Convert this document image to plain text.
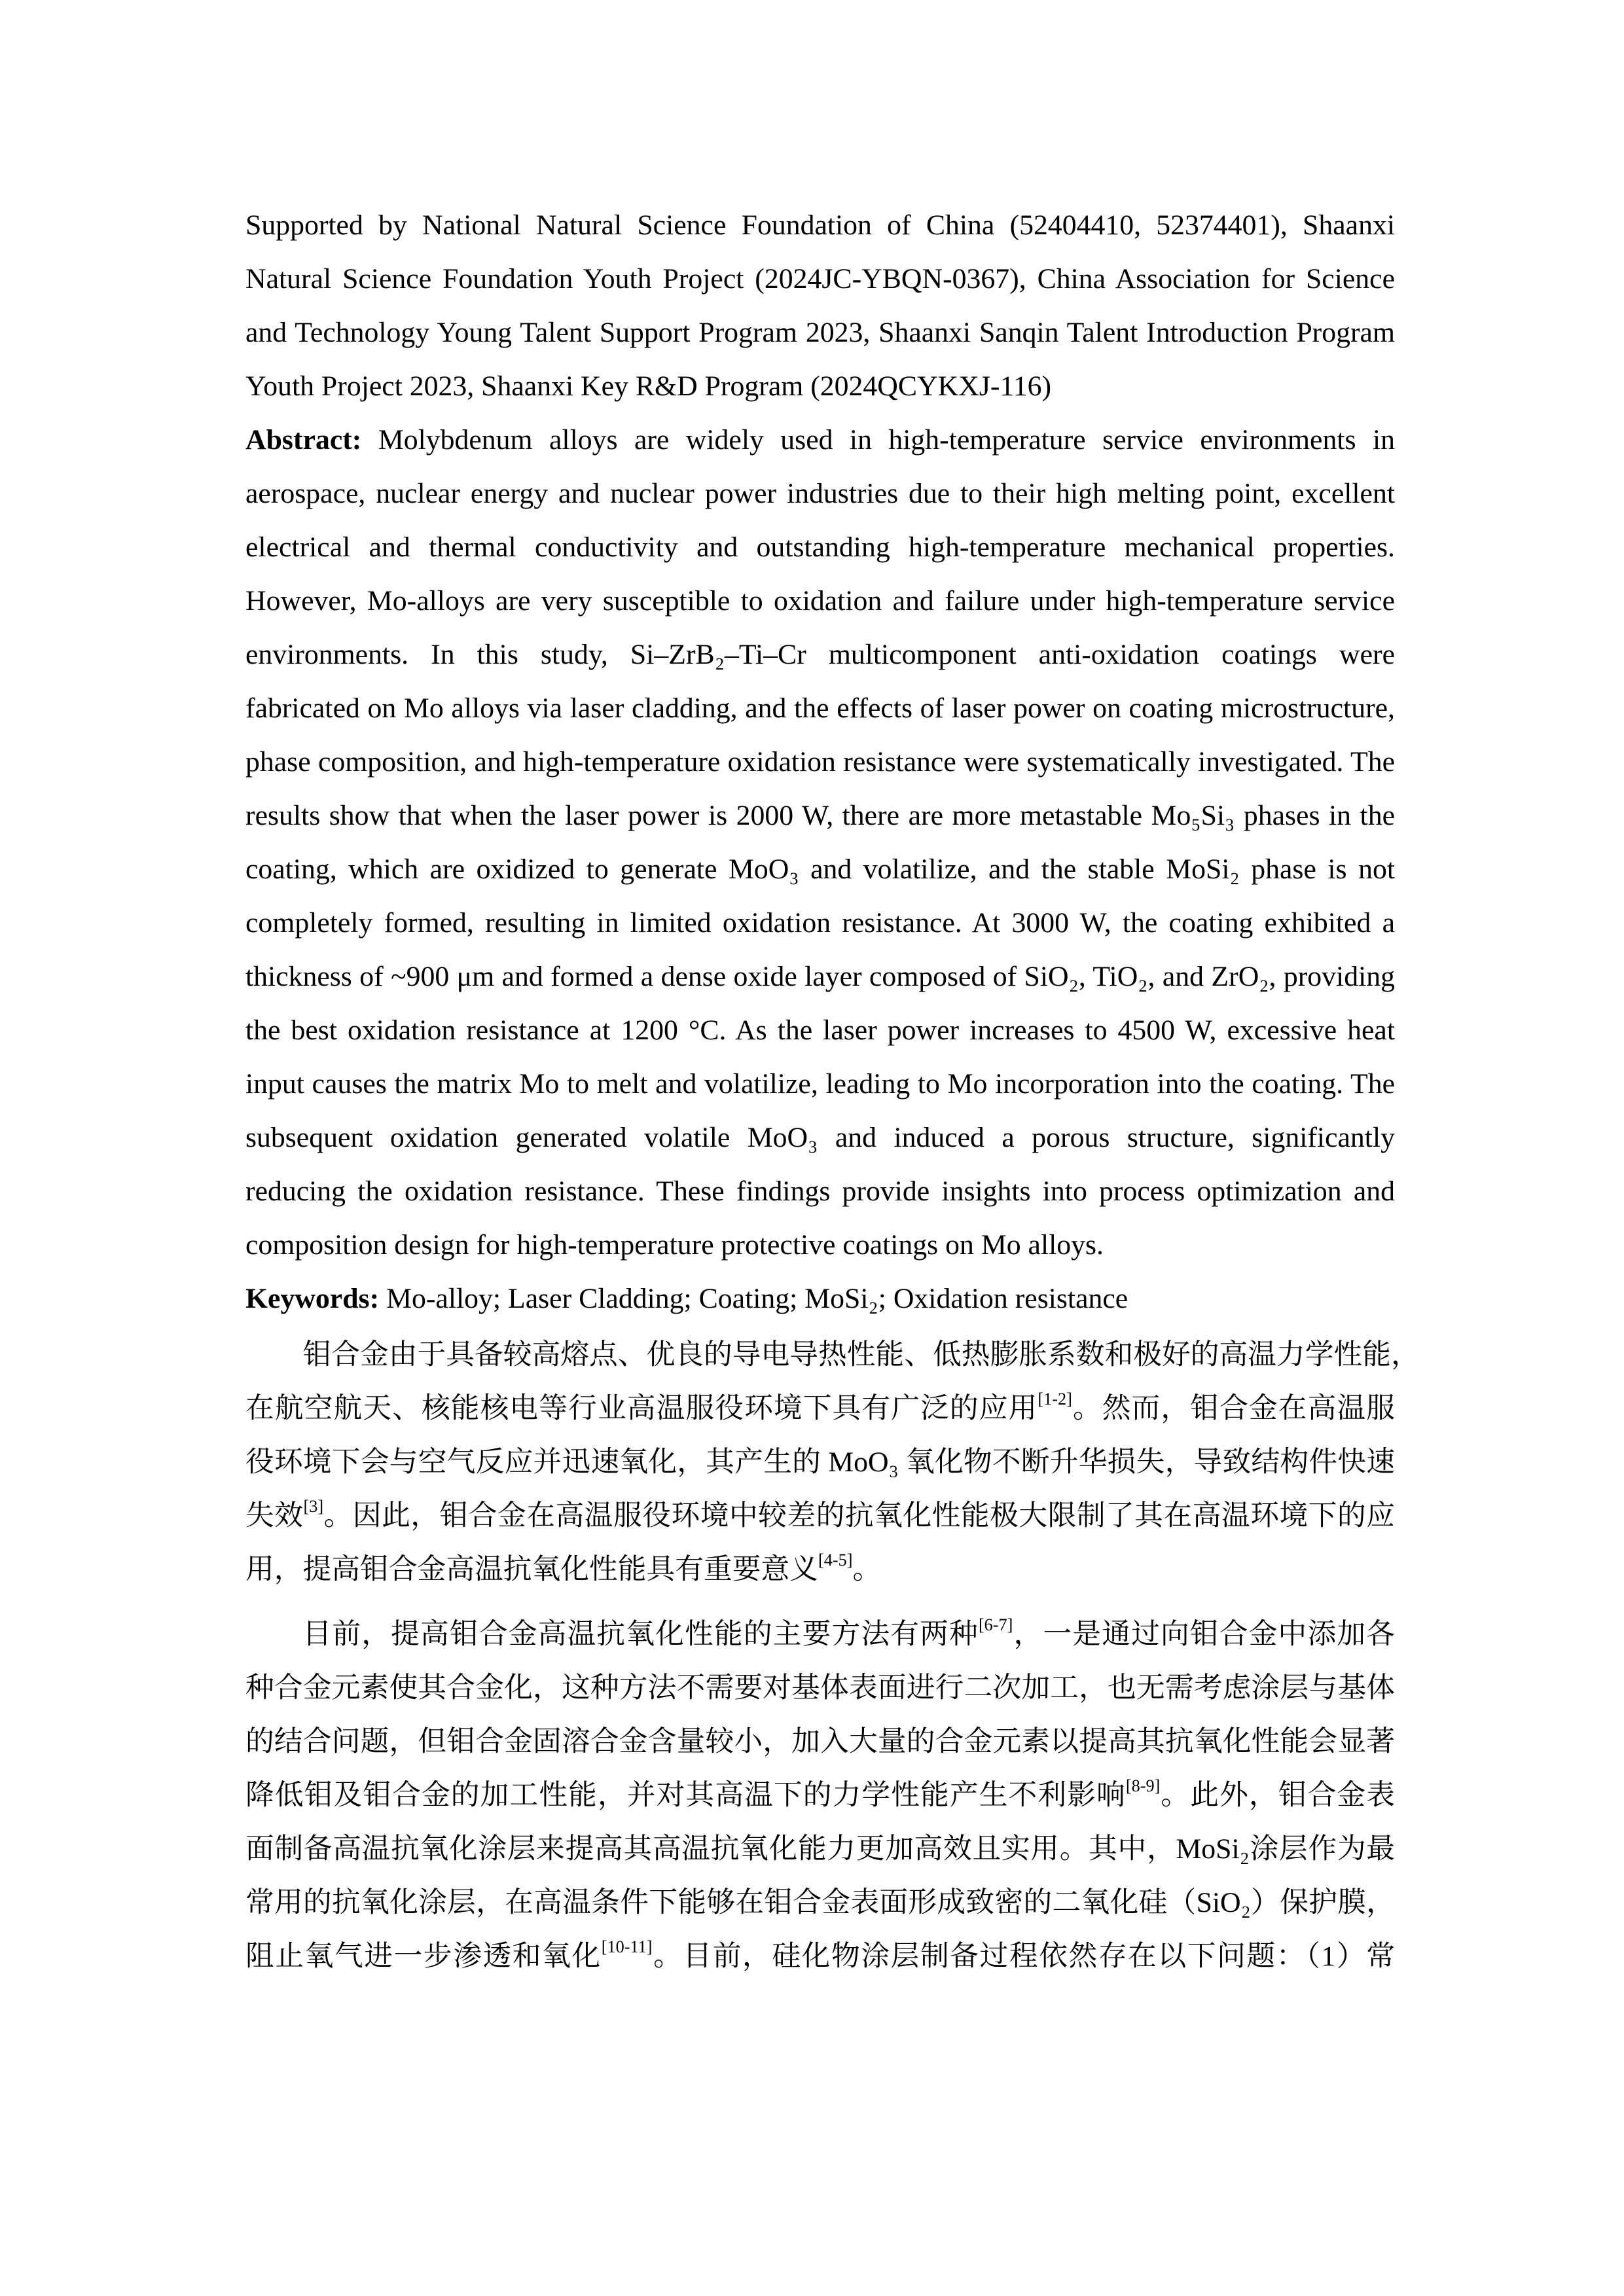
Supported by National Natural Science Foundation of China (52404410, 52374401), Shaanxi
Natural Science Foundation Youth Project (2024JC-YBQN-0367), China Association for Science
and Technology Young Talent Support Program 2023, Shaanxi Sanqin Talent Introduction Program
Youth Project 2023, Shaanxi Key R&D Program (2024QCYKXJ-116)
Abstract: Molybdenum alloys are widely used in high-temperature service environments in
aerospace, nuclear energy and nuclear power industries due to their high melting point, excellent
electrical and thermal conductivity and outstanding high-temperature mechanical properties.
However, Mo-alloys are very susceptible to oxidation and failure under high-temperature service
environments. In this study, Si–ZrB₂–Ti–Cr multicomponent anti-oxidation coatings were
fabricated on Mo alloys via laser cladding, and the effects of laser power on coating microstructure,
phase composition, and high-temperature oxidation resistance were systematically investigated. The
results show that when the laser power is 2000 W, there are more metastable Mo₅Si₃ phases in the
coating, which are oxidized to generate MoO₃ and volatilize, and the stable MoSi₂ phase is not
completely formed, resulting in limited oxidation resistance. At 3000 W, the coating exhibited a
thickness of ~900 μm and formed a dense oxide layer composed of SiO₂, TiO₂, and ZrO₂, providing
the best oxidation resistance at 1200 °C. As the laser power increases to 4500 W, excessive heat
input causes the matrix Mo to melt and volatilize, leading to Mo incorporation into the coating. The
subsequent oxidation generated volatile MoO₃ and induced a porous structure, significantly
reducing the oxidation resistance. These findings provide insights into process optimization and
composition design for high-temperature protective coatings on Mo alloys.
Keywords: Mo-alloy; Laser Cladding; Coating; MoSi₂; Oxidation resistance
钼合金由于具备较高熔点、优良的导电导热性能、低热膨胀系数和极好的高温力学性能，
在航空航天、核能核电等行业高温服役环境下具有广泛的应用[1-2]。然而，钼合金在高温服
役环境下会与空气反应并迅速氧化，其产生的 MoO₃ 氧化物不断升华损失，导致结构件快速
失效[3]。因此，钼合金在高温服役环境中较差的抗氧化性能极大限制了其在高温环境下的应
用，提高钼合金高温抗氧化性能具有重要意义[4-5]。
目前，提高钼合金高温抗氧化性能的主要方法有两种[6-7]，一是通过向钼合金中添加各
种合金元素使其合金化，这种方法不需要对基体表面进行二次加工，也无需考虑涂层与基体
的结合问题，但钼合金固溶合金含量较小，加入大量的合金元素以提高其抗氧化性能会显著
降低钼及钼合金的加工性能，并对其高温下的力学性能产生不利影响[8-9]。此外，钼合金表
面制备高温抗氧化涂层来提高其高温抗氧化能力更加高效且实用。其中，MoSi₂涂层作为最
常用的抗氧化涂层，在高温条件下能够在钼合金表面形成致密的二氧化硅（SiO₂）保护膜，
阻止氧气进一步渗透和氧化[10-11]。目前，硅化物涂层制备过程依然存在以下问题：（1）常
